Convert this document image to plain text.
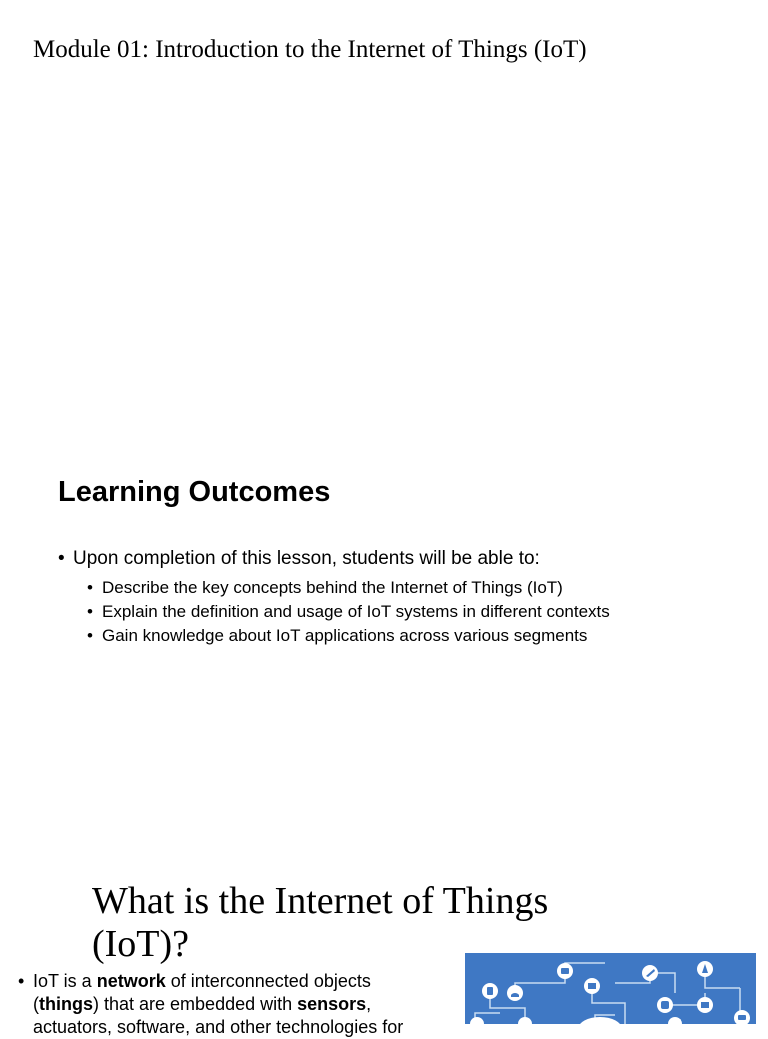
Module 01: Introduction to the Internet of Things (IoT)
Learning Outcomes
• Upon completion of this lesson, students will be able to:
• Describe the key concepts behind the Internet of Things (IoT)
• Explain the definition and usage of IoT systems in different contexts
• Gain knowledge about IoT applications across various segments
What is the Internet of Things (IoT)?
• IoT is a network of interconnected objects
(things) that are embedded with sensors,
actuators, software, and other technologies for
